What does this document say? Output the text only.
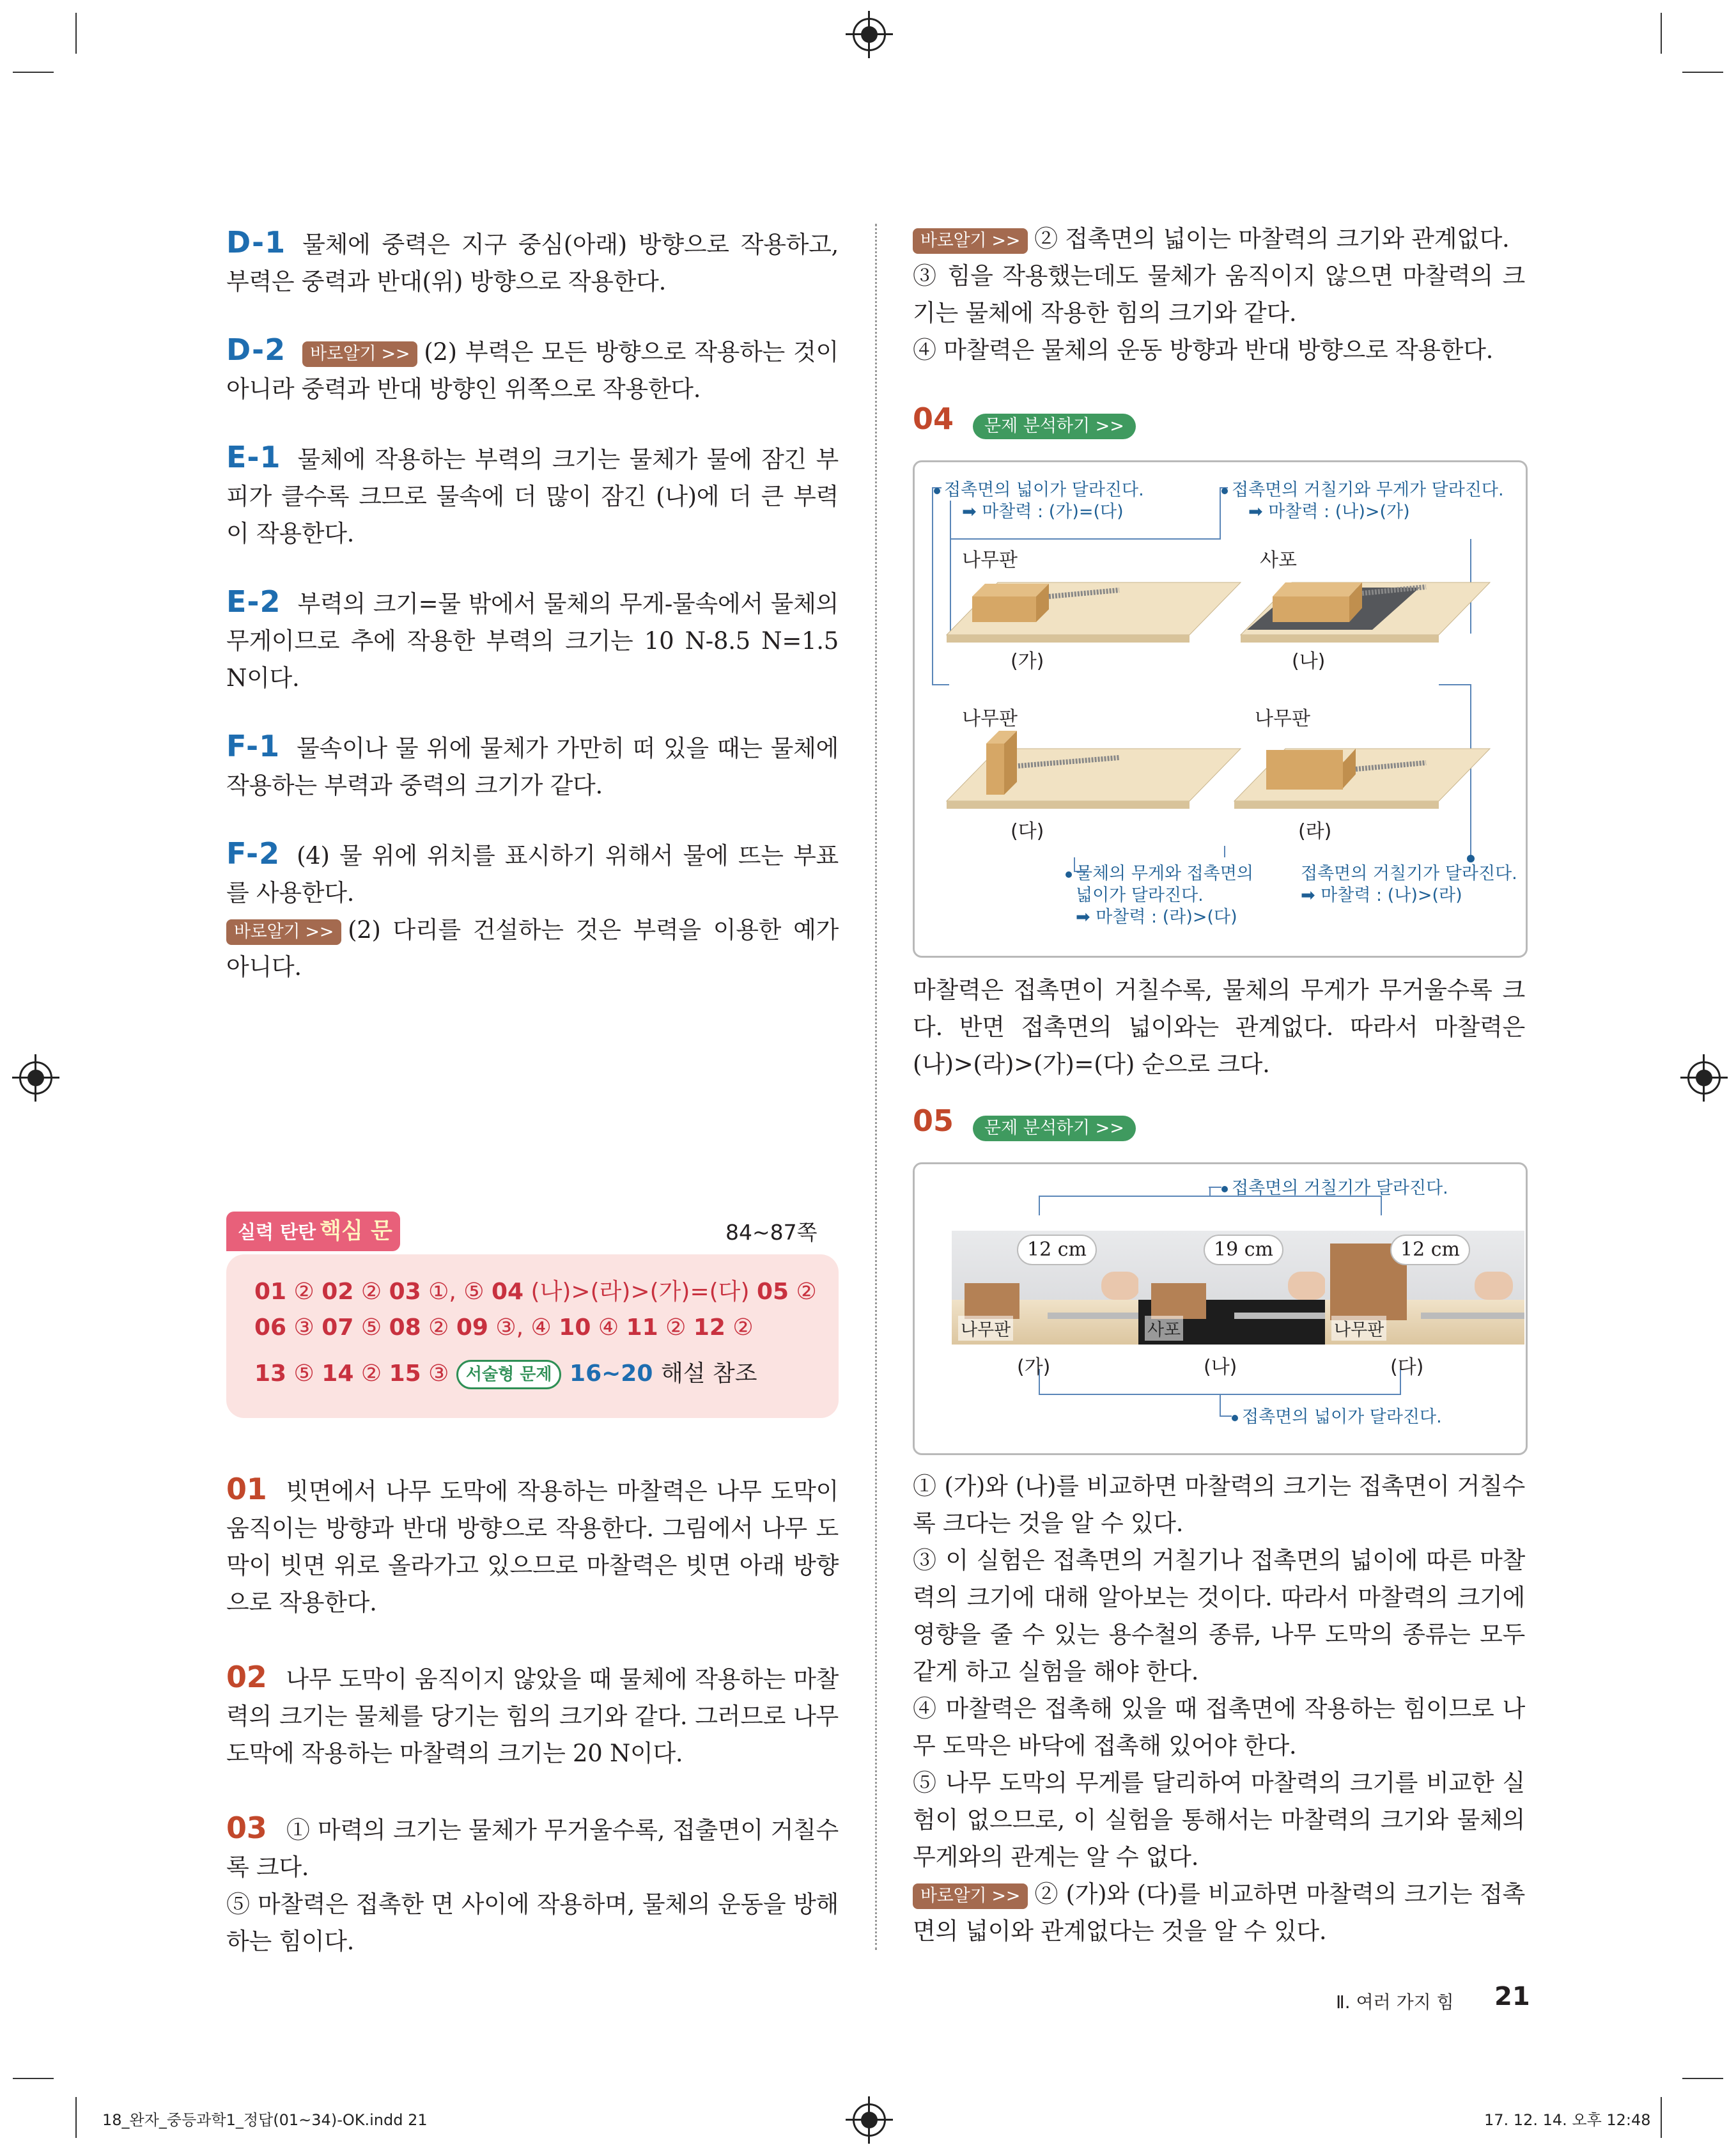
D-1 물체에 중력은 지구 중심(아래) 방향으로 작용하고, 부력은 중력과 반대(위) 방향으로 작용한다.

D-2 바로알기 >> (2) 부력은 모든 방향으로 작용하는 것이 아니라 중력과 반대 방향인 위쪽으로 작용한다.

E-1 물체에 작용하는 부력의 크기는 물체가 물에 잠긴 부피가 클수록 크므로 물속에 더 많이 잠긴 (나)에 더 큰 부력이 작용한다.

E-2 부력의 크기=물 밖에서 물체의 무게-물속에서 물체의 무게이므로 추에 작용한 부력의 크기는 10 N-8.5 N=1.5 N이다.

F-1 물속이나 물 위에 물체가 가만히 떠 있을 때는 물체에 작용하는 부력과 중력의 크기가 같다.

F-2 (4) 물 위에 위치를 표시하기 위해서 물에 뜨는 부표를 사용한다.

바로알기 >> (2) 다리를 건설하는 것은 부력을 이용한 예가 아니다.

실력 탄탄 핵심 문	84~87쪽
01 ② 02 ② 03 ①, ⑤ 04 (나)>(라)>(가)=(다) 05 ②
06 ③ 07 ⑤ 08 ② 09 ③, ④ 10 ④ 11 ② 12 ②
13 ⑤ 14 ② 15 ③ 서술형 문제 16~20 해설 참조

01 빗면에서 나무 도막에 작용하는 마찰력은 나무 도막이 움직이는 방향과 반대 방향으로 작용한다. 그림에서 나무 도막이 빗면 위로 올라가고 있으므로 마찰력은 빗면 아래 방향으로 작용한다.

02 나무 도막이 움직이지 않았을 때 물체에 작용하는 마찰력의 크기는 물체를 당기는 힘의 크기와 같다. 그러므로 나무 도막에 작용하는 마찰력의 크기는 20 N이다.

03 ① 마력의 크기는 물체가 무거울수록, 접출면이 거칠수록 크다.

⑤ 마찰력은 접촉한 면 사이에 작용하며, 물체의 운동을 방해하는 힘이다.

바로알기 >> ② 접촉면의 넓이는 마찰력의 크기와 관계없다.

③ 힘을 작용했는데도 물체가 움직이지 않으면 마찰력의 크기는 물체에 작용한 힘의 크기와 같다.

④ 마찰력은 물체의 운동 방향과 반대 방향으로 작용한다.

04 문제 분석하기 >>
접촉면의 넓이가 달라진다.
➡ 마찰력 : (가)=(다)
접촉면의 거칠기와 무게가 달라진다.
➡ 마찰력 : (나)>(가)
나무판	사포
(가)	(나)
나무판	나무판
(다)	(라)
물체의 무게와 접촉면의
넓이가 달라진다.
➡ 마찰력 : (라)>(다)
접촉면의 거칠기가 달라진다.
➡ 마찰력 : (나)>(라)
마찰력은 접촉면이 거칠수록, 물체의 무게가 무거울수록 크다. 반면 접촉면의 넓이와는 관계없다. 따라서 마찰력은 (나)>(라)>(가)=(다) 순으로 크다.
05 문제 분석하기 >>
접촉면의 거칠기가 달라진다.
나무판	사포	나무판
12 cm	19 cm	12 cm
(가)	(나)	(다)
접촉면의 넓이가 달라진다.

① (가)와 (나)를 비교하면 마찰력의 크기는 접촉면이 거칠수록 크다는 것을 알 수 있다.

③ 이 실험은 접촉면의 거칠기나 접촉면의 넓이에 따른 마찰력의 크기에 대해 알아보는 것이다. 따라서 마찰력의 크기에 영향을 줄 수 있는 용수철의 종류, 나무 도막의 종류는 모두 같게 하고 실험을 해야 한다.

④ 마찰력은 접촉해 있을 때 접촉면에 작용하는 힘이므로 나무 도막은 바닥에 접촉해 있어야 한다.

⑤ 나무 도막의 무게를 달리하여 마찰력의 크기를 비교한 실험이 없으므로, 이 실험을 통해서는 마찰력의 크기와 물체의 무게와의 관계는 알 수 없다.

바로알기 >> ② (가)와 (다)를 비교하면 마찰력의 크기는 접촉면의 넓이와 관계없다는 것을 알 수 있다.

Ⅱ. 여러 가지 힘 21
18_완자_중등과학1_정답(01~34)-OK.indd 21	17. 12. 14. 오후 12:48
